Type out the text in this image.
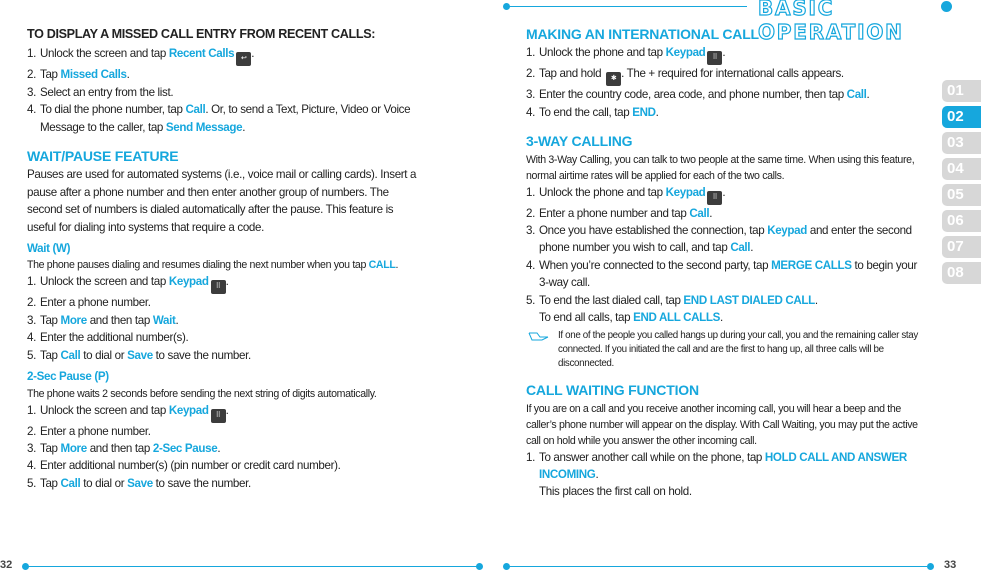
BASIC OPERATION
01
02
03
04
05
06
07
08
32	33
TO DISPLAY A MISSED CALL ENTRY FROM RECENT CALLS:
1. Unlock the screen and tap Recent Calls ↩ .
2. Tap Missed Calls.
3. Select an entry from the list.
4. To dial the phone number, tap Call. Or, to send a Text, Picture, Video or Voice Message to the caller, tap Send Message.
WAIT/PAUSE FEATURE
Pauses are used for automated systems (i.e., voice mail or calling cards). Insert a pause after a phone number and then enter another group of numbers. The second set of numbers is dialed automatically after the pause. This feature is useful for dialing into systems that require a code.
Wait (W)
The phone pauses dialing and resumes dialing the next number when you tap CALL.
1. Unlock the screen and tap Keypad ⠿ .
2. Enter a phone number.
3. Tap More and then tap Wait.
4. Enter the additional number(s).
5. Tap Call to dial or Save to save the number.
2-Sec Pause (P)
The phone waits 2 seconds before sending the next string of digits automatically.
1. Unlock the screen and tap Keypad ⠿ .
2. Enter a phone number.
3. Tap More and then tap 2-Sec Pause.
4. Enter additional number(s) (pin number or credit card number).
5. Tap Call to dial or Save to save the number.
MAKING AN INTERNATIONAL CALL
1. Unlock the phone and tap Keypad ⠿ .
2. Tap and hold ✱ . The + required for international calls appears.
3. Enter the country code, area code, and phone number, then tap Call.
4. To end the call, tap END.
3-WAY CALLING
With 3-Way Calling, you can talk to two people at the same time. When using this feature, normal airtime rates will be applied for each of the two calls.
1. Unlock the phone and tap Keypad ⠿ .
2. Enter a phone number and tap Call.
3. Once you have established the connection, tap Keypad and enter the second phone number you wish to call, and tap Call.
4. When you’re connected to the second party, tap MERGE CALLS to begin your 3-way call.
5. To end the last dialed call, tap END LAST DIALED CALL.
To end all calls, tap END ALL CALLS.
If one of the people you called hangs up during your call, you and the remaining caller stay connected. If you initiated the call and are the first to hang up, all three calls will be disconnected.
CALL WAITING FUNCTION
If you are on a call and you receive another incoming call, you will hear a beep and the caller’s phone number will appear on the display. With Call Waiting, you may put the active call on hold while you answer the other incoming call.
1. To answer another call while on the phone, tap HOLD CALL AND ANSWER INCOMING.
This places the first call on hold.
